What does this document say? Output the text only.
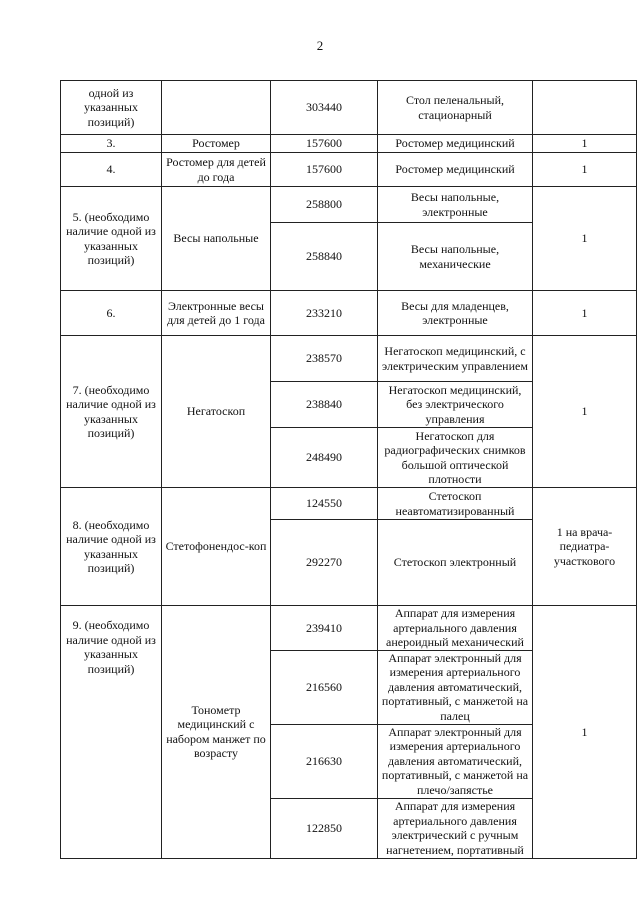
2
одной из указанных позиций)		303440	Стол пеленальный, стационарный	
3.	Ростомер	157600	Ростомер медицинский	1
4.	Ростомер для детей до года	157600	Ростомер медицинский	1
5. (необходимо наличие одной из указанных позиций)	Весы напольные	258800	Весы напольные, электронные	1
		258840	Весы напольные, механические	
6.	Электронные весы для детей до 1 года	233210	Весы для младенцев, электронные	1
7. (необходимо наличие одной из указанных позиций)	Негатоскоп	238570	Негатоскоп медицинский, с электрическим управлением	1
		238840	Негатоскоп медицинский, без электрического управления	
		248490	Негатоскоп для радиографических снимков большой оптической плотности	
8. (необходимо наличие одной из указанных позиций)	Стетофонендос-коп	124550	Стетоскоп неавтоматизированный	1 на врача-педиатра-участкового
		292270	Стетоскоп электронный	
9. (необходимо наличие одной из указанных позиций)	Тонометр медицинский с набором манжет по возрасту	239410	Аппарат для измерения артериального давления анероидный механический	1
		216560	Аппарат электронный для измерения артериального давления автоматический, портативный, с манжетой на палец	
		216630	Аппарат электронный для измерения артериального давления автоматический, портативный, с манжетой на плечо/запястье	
		122850	Аппарат для измерения артериального давления электрический с ручным нагнетением, портативный	
